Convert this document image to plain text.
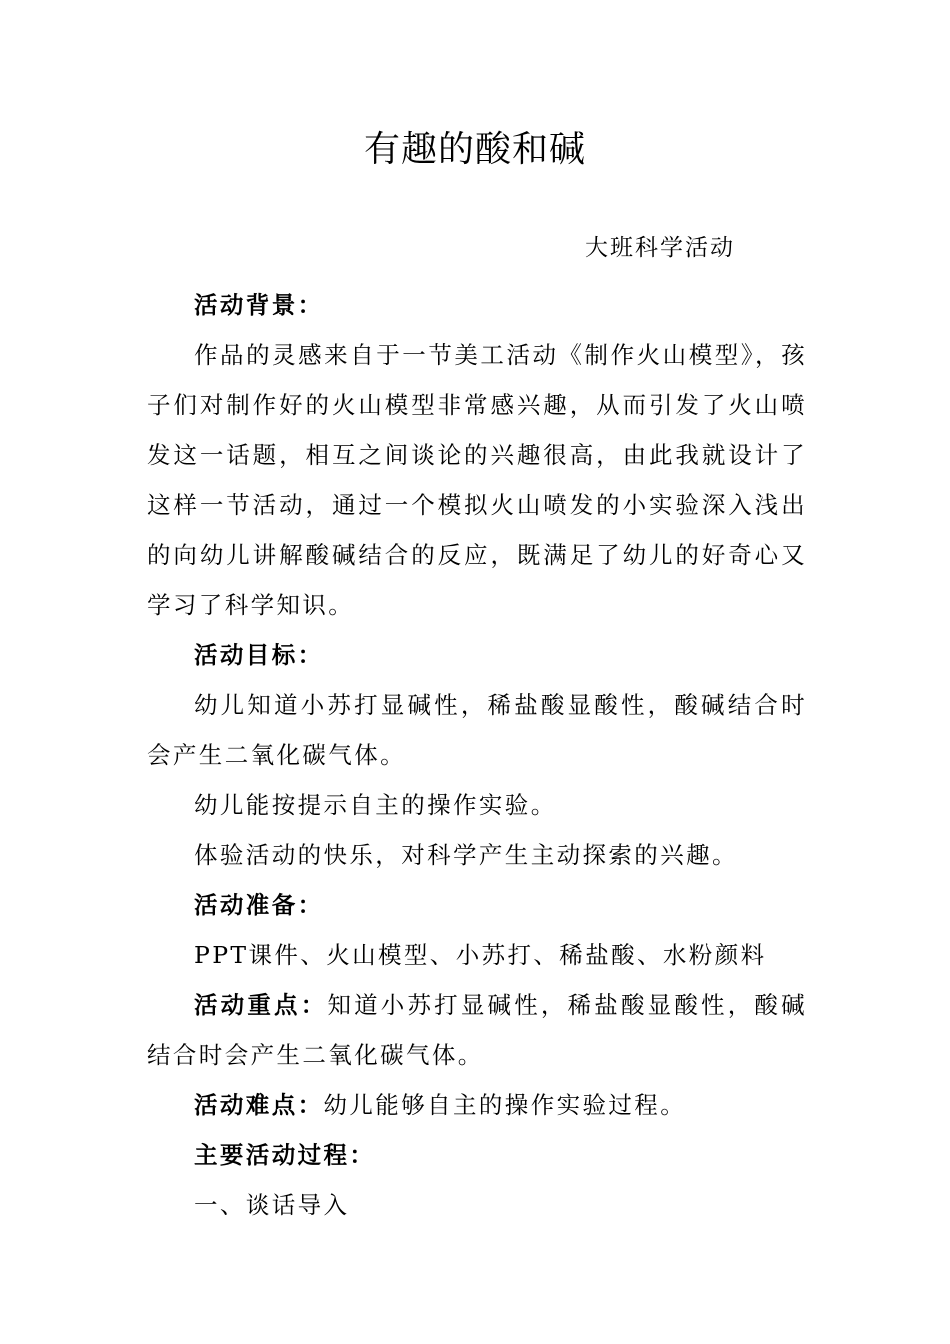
有趣的酸和碱
大班科学活动

活动背景：

作品的灵感来自于一节美工活动《制作火山模型》，孩子们对制作好的火山模型非常感兴趣，从而引发了火山喷发这一话题，相互之间谈论的兴趣很高，由此我就设计了这样一节活动，通过一个模拟火山喷发的小实验深入浅出的向幼儿讲解酸碱结合的反应，既满足了幼儿的好奇心又学习了科学知识。

活动目标：

幼儿知道小苏打显碱性，稀盐酸显酸性，酸碱结合时会产生二氧化碳气体。

幼儿能按提示自主的操作实验。

体验活动的快乐，对科学产生主动探索的兴趣。

活动准备：

PPT课件、火山模型、小苏打、稀盐酸、水粉颜料

活动重点：知道小苏打显碱性，稀盐酸显酸性，酸碱结合时会产生二氧化碳气体。

活动难点：幼儿能够自主的操作实验过程。

主要活动过程：

一、谈话导入
